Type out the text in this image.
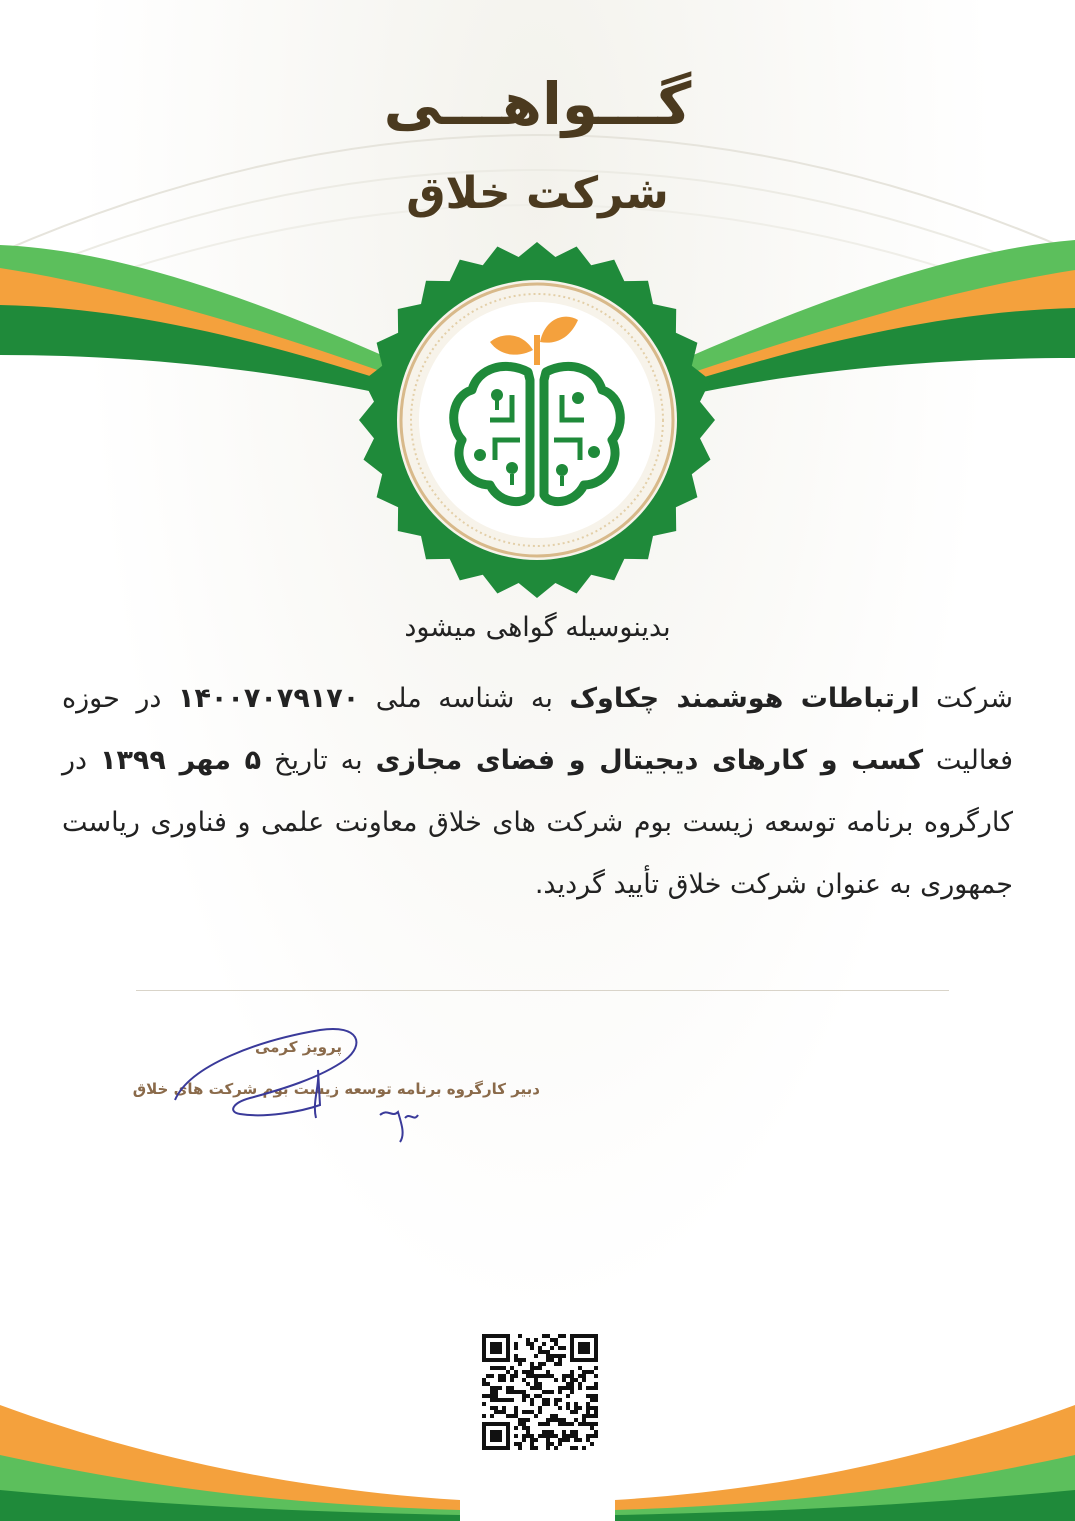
گـــواهـــی
شرکت خلاق
بدینوسیله گواهی میشود
شرکت ارتباطات هوشمند چکاوک به شناسه ملی ۱۴۰۰۷۰۷۹۱۷۰ در حوزه فعالیت کسب و کارهای دیجیتال و فضای مجازی به تاریخ ۵ مهر ۱۳۹۹ در کارگروه برنامه توسعه زیست بوم شرکت های خلاق معاونت علمی و فناوری ریاست جمهوری به عنوان شرکت خلاق تأیید گردید.
پرویز کرمی
دبیر کارگروه برنامه توسعه زیست بوم شرکت های خلاق
